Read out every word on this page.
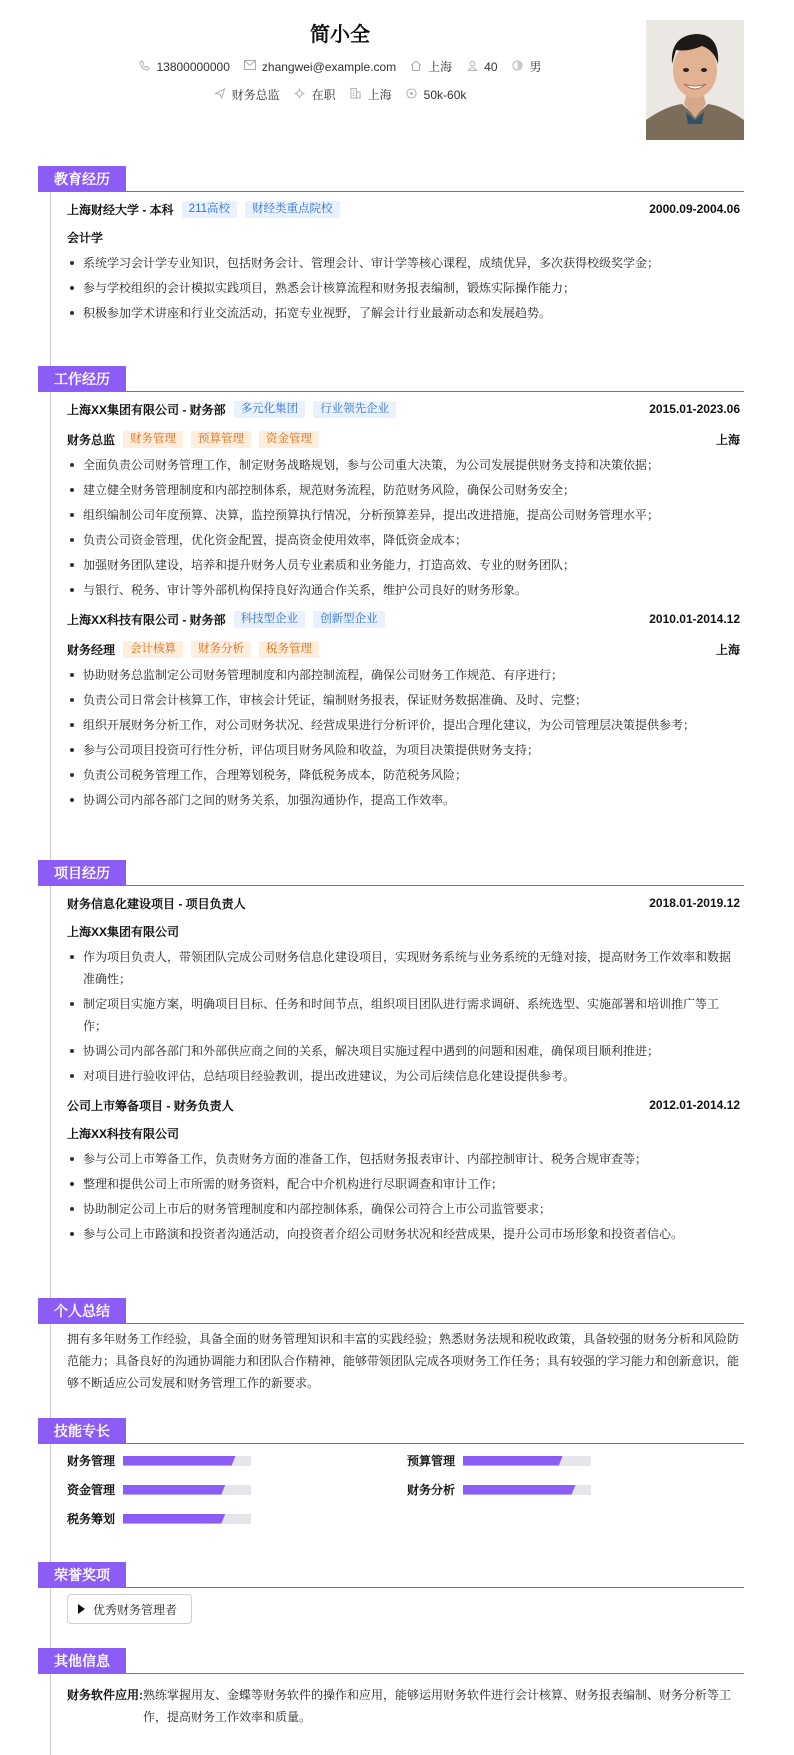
简小全
13800000000	zhangwei@example.com	上海	40	男
财务总监	在职	上海	50k-60k
教育经历
上海财经大学 - 本科	211高校	财经类重点院校	2000.09-2004.06
会计学
系统学习会计学专业知识，包括财务会计、管理会计、审计学等核心课程，成绩优异，多次获得校级奖学金；
参与学校组织的会计模拟实践项目，熟悉会计核算流程和财务报表编制，锻炼实际操作能力；
积极参加学术讲座和行业交流活动，拓宽专业视野，了解会计行业最新动态和发展趋势。
工作经历
上海XX集团有限公司 - 财务部	多元化集团	行业领先企业	2015.01-2023.06
财务总监	财务管理	预算管理	资金管理	上海
全面负责公司财务管理工作，制定财务战略规划，参与公司重大决策，为公司发展提供财务支持和决策依据；
建立健全财务管理制度和内部控制体系，规范财务流程，防范财务风险，确保公司财务安全；
组织编制公司年度预算、决算，监控预算执行情况，分析预算差异，提出改进措施，提高公司财务管理水平；
负责公司资金管理，优化资金配置，提高资金使用效率，降低资金成本；
加强财务团队建设，培养和提升财务人员专业素质和业务能力，打造高效、专业的财务团队；
与银行、税务、审计等外部机构保持良好沟通合作关系，维护公司良好的财务形象。
上海XX科技有限公司 - 财务部	科技型企业	创新型企业	2010.01-2014.12
财务经理	会计核算	财务分析	税务管理	上海
协助财务总监制定公司财务管理制度和内部控制流程，确保公司财务工作规范、有序进行；
负责公司日常会计核算工作，审核会计凭证，编制财务报表，保证财务数据准确、及时、完整；
组织开展财务分析工作，对公司财务状况、经营成果进行分析评价，提出合理化建议，为公司管理层决策提供参考；
参与公司项目投资可行性分析，评估项目财务风险和收益，为项目决策提供财务支持；
负责公司税务管理工作，合理筹划税务，降低税务成本，防范税务风险；
协调公司内部各部门之间的财务关系，加强沟通协作，提高工作效率。
项目经历
财务信息化建设项目 - 项目负责人	2018.01-2019.12
上海XX集团有限公司
作为项目负责人，带领团队完成公司财务信息化建设项目，实现财务系统与业务系统的无缝对接，提高财务工作效率和数据准确性；
制定项目实施方案，明确项目目标、任务和时间节点，组织项目团队进行需求调研、系统选型、实施部署和培训推广等工作；
协调公司内部各部门和外部供应商之间的关系，解决项目实施过程中遇到的问题和困难，确保项目顺利推进；
对项目进行验收评估，总结项目经验教训，提出改进建议，为公司后续信息化建设提供参考。
公司上市筹备项目 - 财务负责人	2012.01-2014.12
上海XX科技有限公司
参与公司上市筹备工作，负责财务方面的准备工作，包括财务报表审计、内部控制审计、税务合规审查等；
整理和提供公司上市所需的财务资料，配合中介机构进行尽职调查和审计工作；
协助制定公司上市后的财务管理制度和内部控制体系，确保公司符合上市公司监管要求；
参与公司上市路演和投资者沟通活动，向投资者介绍公司财务状况和经营成果，提升公司市场形象和投资者信心。
个人总结
拥有多年财务工作经验，具备全面的财务管理知识和丰富的实践经验；熟悉财务法规和税收政策，具备较强的财务分析和风险防范能力；具备良好的沟通协调能力和团队合作精神，能够带领团队完成各项财务工作任务；具有较强的学习能力和创新意识，能够不断适应公司发展和财务管理工作的新要求。
技能专长
财务管理	预算管理
资金管理	财务分析
税务筹划
荣誉奖项
优秀财务管理者
其他信息
财务软件应用: 熟练掌握用友、金蝶等财务软件的操作和应用，能够运用财务软件进行会计核算、财务报表编制、财务分析等工作，提高财务工作效率和质量。
